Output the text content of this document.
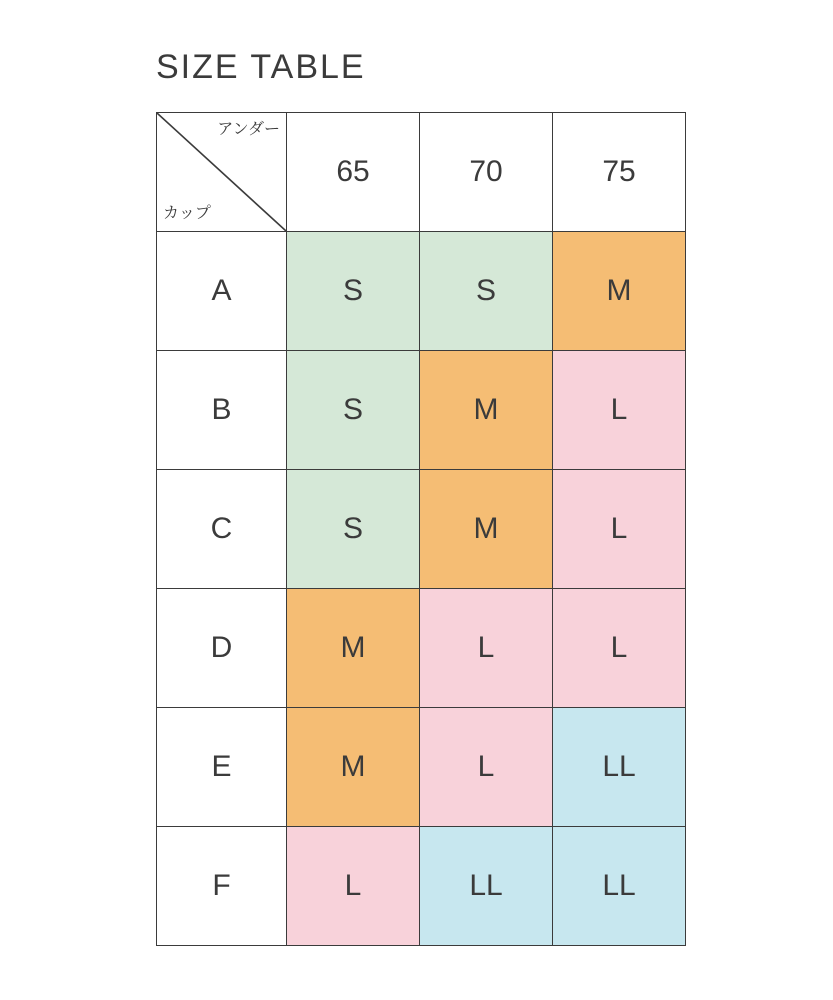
SIZE TABLE
アンダー
カップ	65	70	75
A	S	S	M
B	S	M	L
C	S	M	L
D	M	L	L
E	M	L	LL
F	L	LL	LL
